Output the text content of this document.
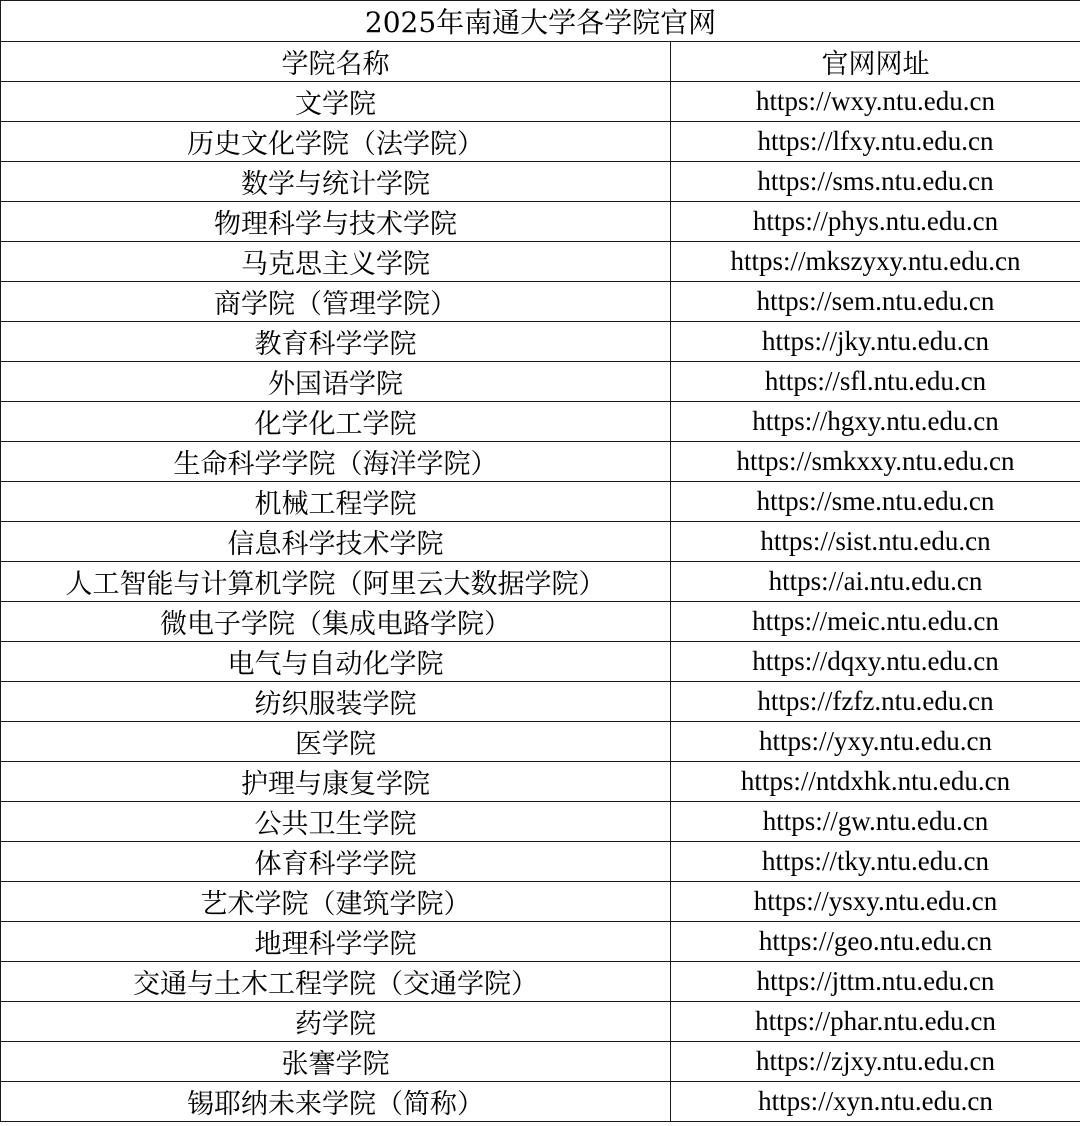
2025年南通大学各学院官网	
学院名称	官网网址
文学院	https://wxy.ntu.edu.cn
历史文化学院（法学院）	https://lfxy.ntu.edu.cn
数学与统计学院	https://sms.ntu.edu.cn
物理科学与技术学院	https://phys.ntu.edu.cn
马克思主义学院	https://mkszyxy.ntu.edu.cn
商学院（管理学院）	https://sem.ntu.edu.cn
教育科学学院	https://jky.ntu.edu.cn
外国语学院	https://sfl.ntu.edu.cn
化学化工学院	https://hgxy.ntu.edu.cn
生命科学学院（海洋学院）	https://smkxxy.ntu.edu.cn
机械工程学院	https://sme.ntu.edu.cn
信息科学技术学院	https://sist.ntu.edu.cn
人工智能与计算机学院（阿里云大数据学院）	https://ai.ntu.edu.cn
微电子学院（集成电路学院）	https://meic.ntu.edu.cn
电气与自动化学院	https://dqxy.ntu.edu.cn
纺织服装学院	https://fzfz.ntu.edu.cn
医学院	https://yxy.ntu.edu.cn
护理与康复学院	https://ntdxhk.ntu.edu.cn
公共卫生学院	https://gw.ntu.edu.cn
体育科学学院	https://tky.ntu.edu.cn
艺术学院（建筑学院）	https://ysxy.ntu.edu.cn
地理科学学院	https://geo.ntu.edu.cn
交通与土木工程学院（交通学院）	https://jttm.ntu.edu.cn
药学院	https://phar.ntu.edu.cn
张謇学院	https://zjxy.ntu.edu.cn
锡耶纳未来学院（简称）	https://xyn.ntu.edu.cn
